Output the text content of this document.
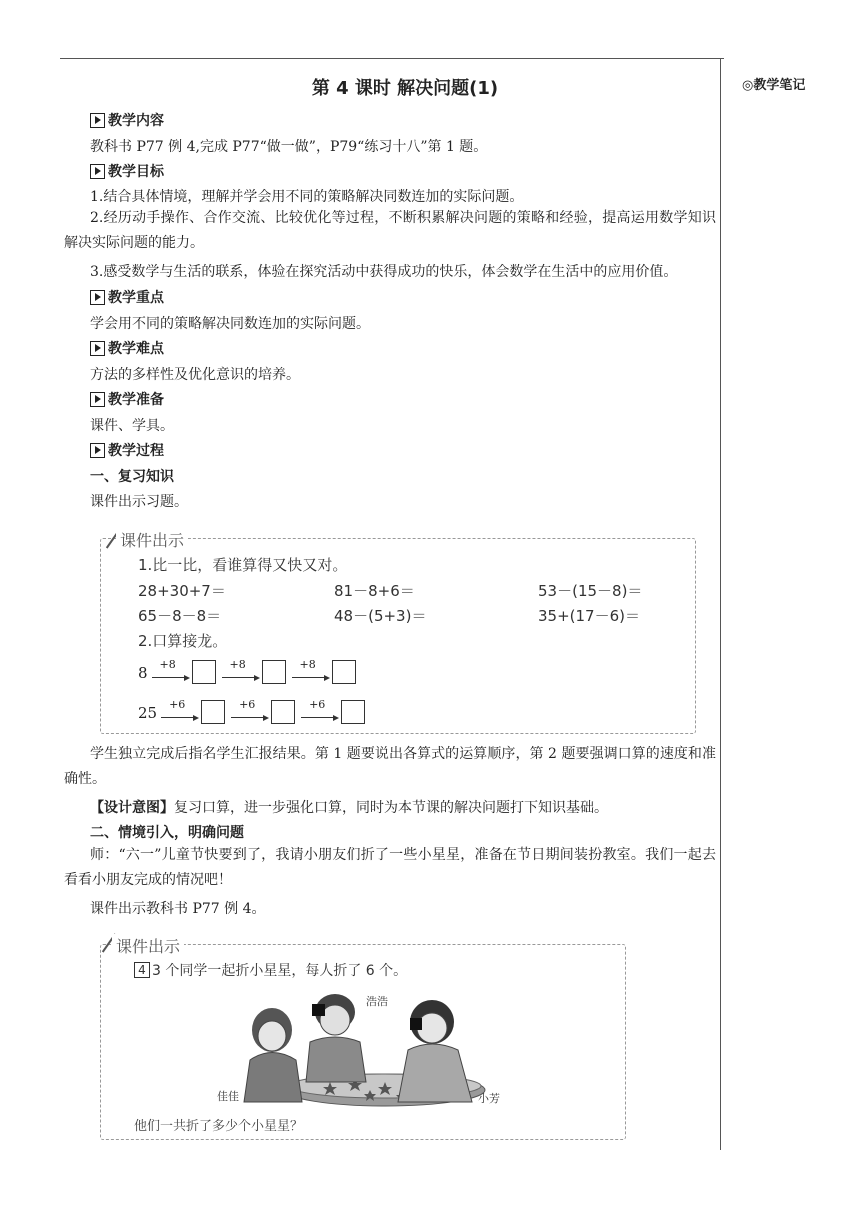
◎教学笔记
第 4 课时 解决问题(1)
教学内容
教科书 P77 例 4,完成 P77“做一做”，P79“练习十八”第 1 题。
教学目标
1.结合具体情境，理解并学会用不同的策略解决同数连加的实际问题。
2.经历动手操作、合作交流、比较优化等过程，不断积累解决问题的策略和经验，提高运用数学知识解决实际问题的能力。
3.感受数学与生活的联系，体验在探究活动中获得成功的快乐，体会数学在生活中的应用价值。
教学重点
学会用不同的策略解决同数连加的实际问题。
教学难点
方法的多样性及优化意识的培养。
教学准备
课件、学具。
教学过程
一、复习知识
课件出示习题。
课件出示
1.比一比，看谁算得又快又对。
28+30+7＝	81－8+6＝	53－(15－8)＝
65－8－8＝	48－(5+3)＝	35+(17－6)＝
2.口算接龙。
8 +8	+8	+8
25 +6	+6	+6
学生独立完成后指名学生汇报结果。第 1 题要说出各算式的运算顺序，第 2 题要强调口算的速度和准确性。
【设计意图】复习口算，进一步强化口算，同时为本节课的解决问题打下知识基础。
二、情境引入，明确问题
师：“六一”儿童节快要到了，我请小朋友们折了一些小星星，准备在节日期间装扮教室。我们一起去看看小朋友完成的情况吧！
课件出示教科书 P77 例 4。
课件出示
4 3 个同学一起折小星星，每人折了 6 个。
浩浩
佳佳	小芳
他们一共折了多少个小星星？
